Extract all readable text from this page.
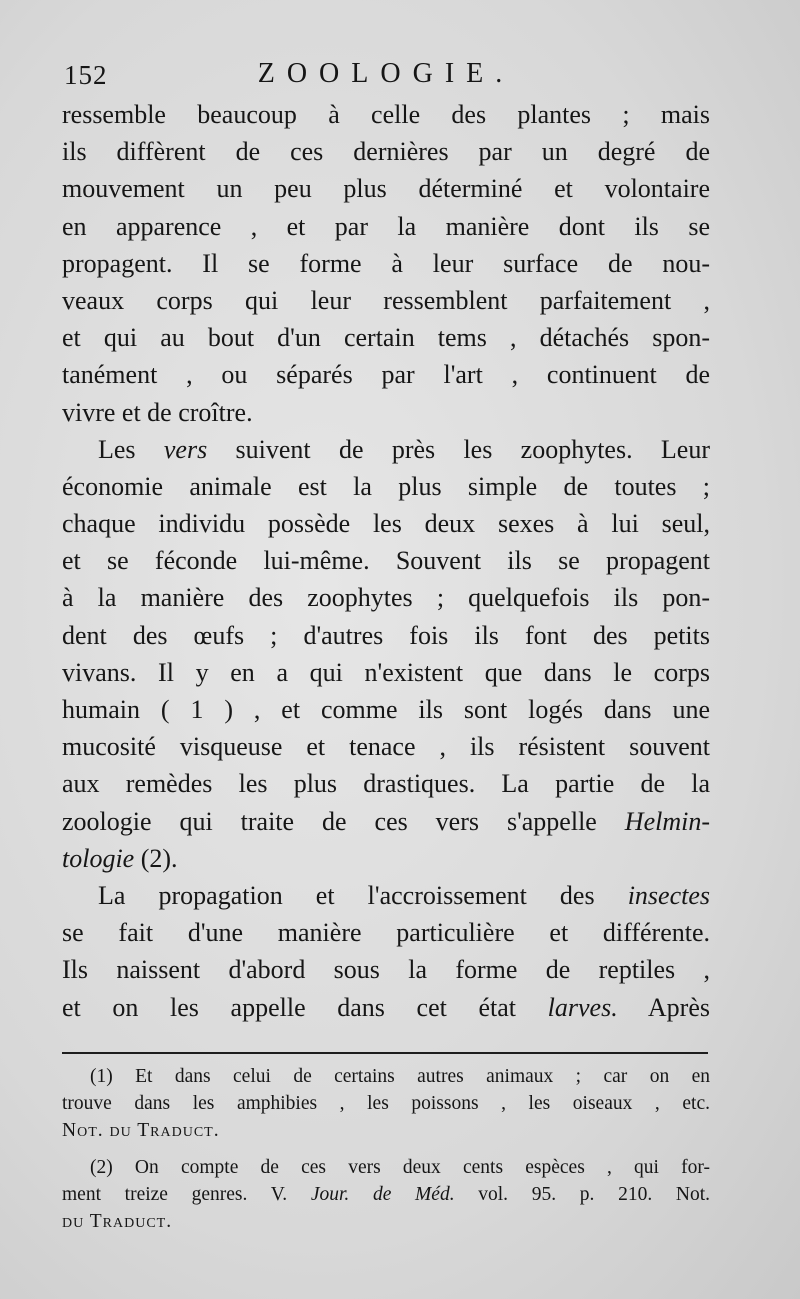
152	ZOOLOGIE.
ressemble beaucoup à celle des plantes ; mais
ils diffèrent de ces dernières par un degré de
mouvement un peu plus déterminé et volontaire
en apparence , et par la manière dont ils se
propagent. Il se forme à leur surface de nou-
veaux corps qui leur ressemblent parfaitement ,
et qui au bout d'un certain tems , détachés spon-
tanément , ou séparés par l'art , continuent de
vivre et de croître.
Les vers suivent de près les zoophytes. Leur
économie animale est la plus simple de toutes ;
chaque individu possède les deux sexes à lui seul,
et se féconde lui-même. Souvent ils se propagent
à la manière des zoophytes ; quelquefois ils pon-
dent des œufs ; d'autres fois ils font des petits
vivans. Il y en a qui n'existent que dans le corps
humain ( 1 ) , et comme ils sont logés dans une
mucosité visqueuse et tenace , ils résistent souvent
aux remèdes les plus drastiques. La partie de la
zoologie qui traite de ces vers s'appelle Helmin-
tologie (2).
La propagation et l'accroissement des insectes
se fait d'une manière particulière et différente.
Ils naissent d'abord sous la forme de reptiles ,
et on les appelle dans cet état larves. Après
(1) Et dans celui de certains autres animaux ; car on en
trouve dans les amphibies , les poissons , les oiseaux , etc.
Not. du Traduct.
(2) On compte de ces vers deux cents espèces , qui for-
ment treize genres. V. Jour. de Méd. vol. 95. p. 210. Not.
du Traduct.
